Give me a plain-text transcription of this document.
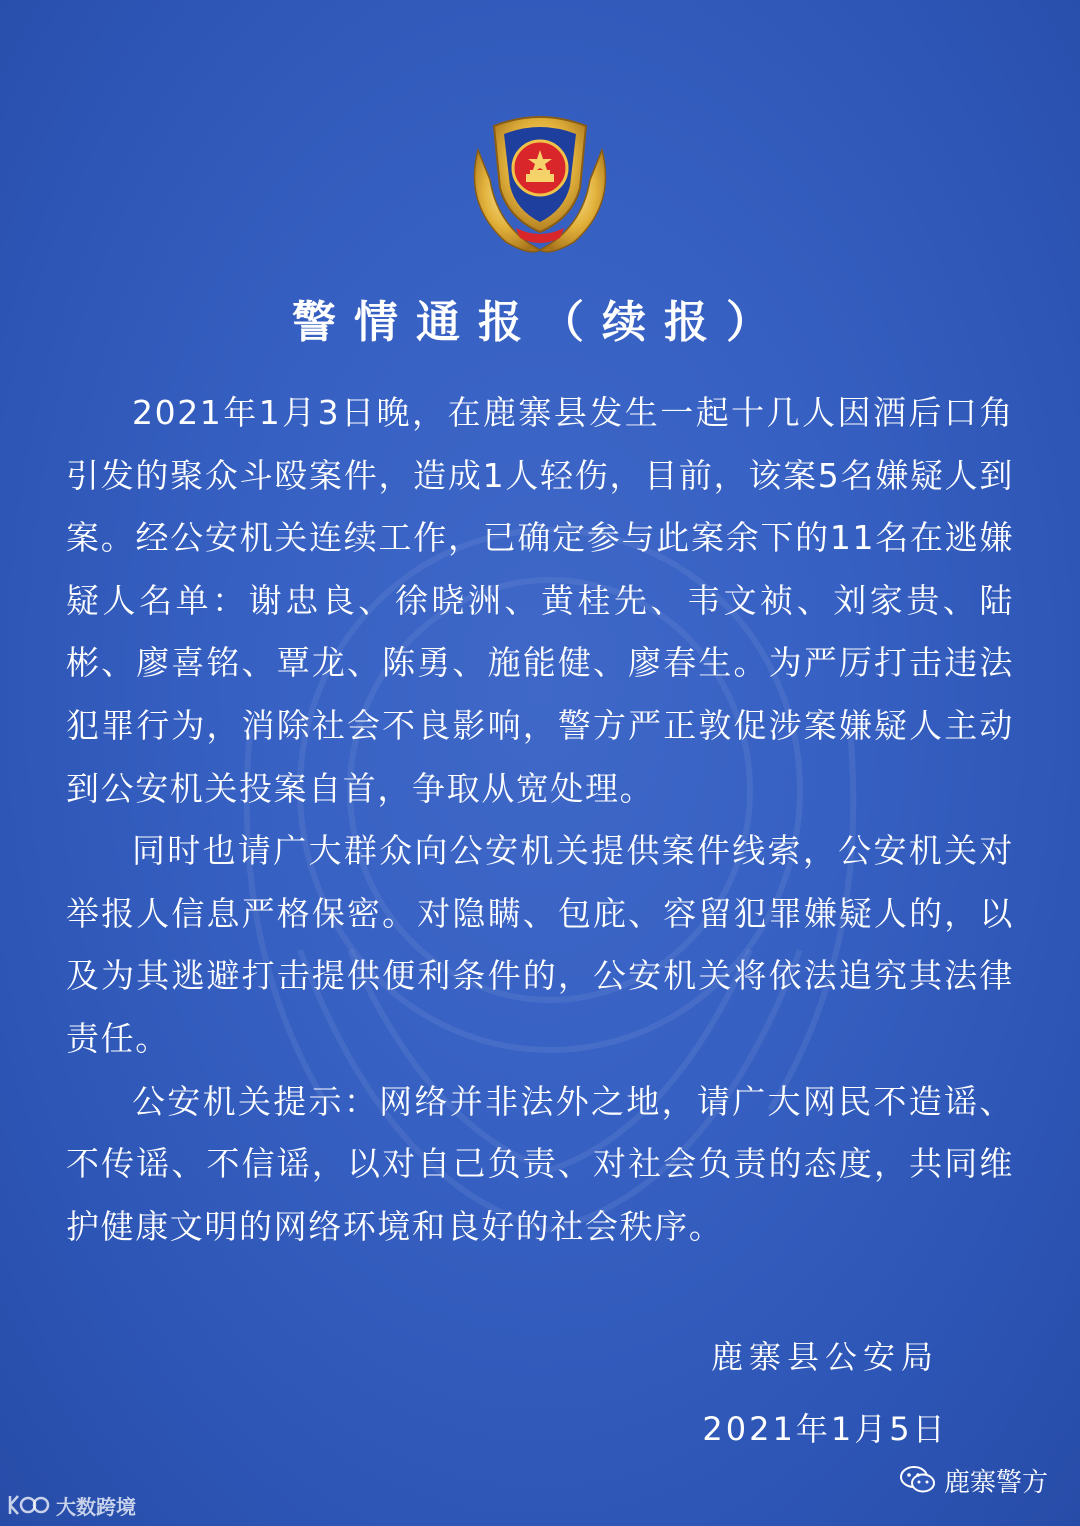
警情通报（续报）

2021年1月3日晚，在鹿寨县发生一起十几人因酒后口角引发的聚众斗殴案件，造成1人轻伤，目前，该案5名嫌疑人到案。经公安机关连续工作，已确定参与此案余下的11名在逃嫌疑人名单：谢忠良、徐晓洲、黄桂先、韦文祯、刘家贵、陆彬、廖喜铭、覃龙、陈勇、施能健、廖春生。为严厉打击违法犯罪行为，消除社会不良影响，警方严正敦促涉案嫌疑人主动到公安机关投案自首，争取从宽处理。

同时也请广大群众向公安机关提供案件线索，公安机关对举报人信息严格保密。对隐瞒、包庇、容留犯罪嫌疑人的，以及为其逃避打击提供便利条件的，公安机关将依法追究其法律责任。

公安机关提示：网络并非法外之地，请广大网民不造谣、不传谣、不信谣，以对自己负责、对社会负责的态度，共同维护健康文明的网络环境和良好的社会秩序。

鹿寨县公安局
2021年1月5日
鹿寨警方
大数跨境
